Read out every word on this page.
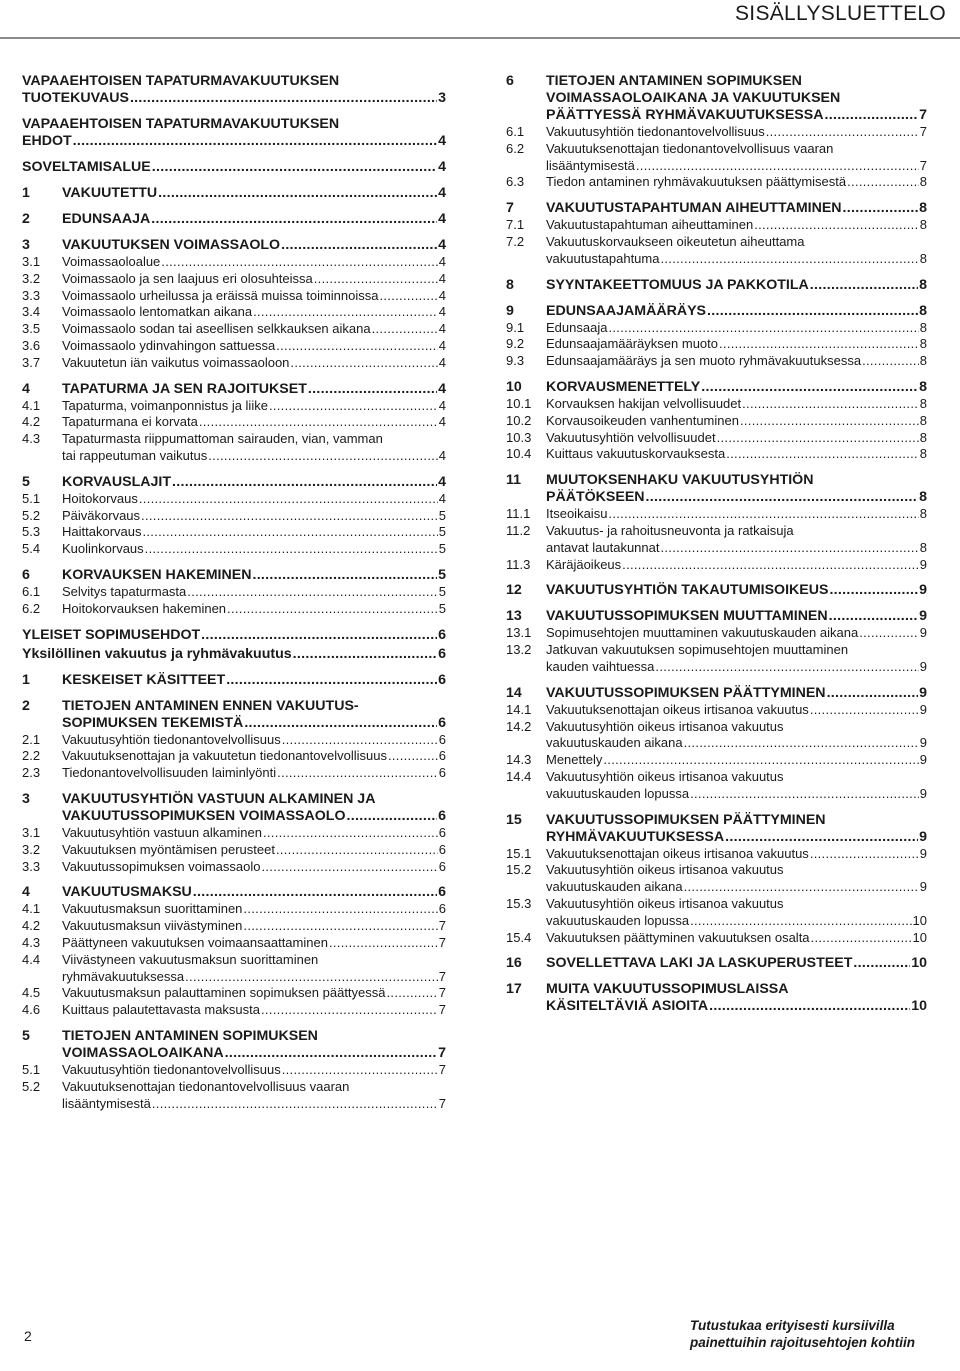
SISÄLLYSLUETTELO
VAPAAEHTOISEN TAPATURMAVAKUUTUKSEN
TUOTEKUVAUS .....	3
VAPAAEHTOISEN TAPATURMAVAKUUTUKSEN
EHDOT .....	4
SOVELTAMISALUE .....	4
1 VAKUUTETTU .....	4
2 EDUNSAAJA .....	4
3 VAKUUTUKSEN VOIMASSAOLO .....	4
3.1 Voimassaoloalue .....	4
3.2 Voimassaolo ja sen laajuus eri olosuhteissa .....	4
3.3 Voimassaolo urheilussa ja eräissä muissa toiminnoissa .....	4
3.4 Voimassaolo lentomatkan aikana .....	4
3.5 Voimassaolo sodan tai aseellisen selkkauksen aikana .....	4
3.6 Voimassaolo ydinvahingon sattuessa .....	4
3.7 Vakuutetun iän vaikutus voimassaoloon .....	4
4 TAPATURMA JA SEN RAJOITUKSET .....	4
4.1 Tapaturma, voimanponnistus ja liike .....	4
4.2 Tapaturmana ei korvata .....	4
4.3 Tapaturmasta riippumattoman sairauden, vian, vamman
tai rappeutuman vaikutus .....	4
5 KORVAUSLAJIT .....	4
5.1 Hoitokorvaus .....	4
5.2 Päiväkorvaus .....	5
5.3 Haittakorvaus .....	5
5.4 Kuolinkorvaus .....	5
6 KORVAUKSEN HAKEMINEN .....	5
6.1 Selvitys tapaturmasta .....	5
6.2 Hoitokorvauksen hakeminen .....	5
YLEISET SOPIMUSEHDOT .....	6
Yksilöllinen vakuutus ja ryhmävakuutus .....	6
1 KESKEISET KÄSITTEET .....	6
2 TIETOJEN ANTAMINEN ENNEN VAKUUTUS-
SOPIMUKSEN TEKEMISTÄ .....	6
2.1 Vakuutusyhtiön tiedonantovelvollisuus .....	6
2.2 Vakuutuksenottajan ja vakuutetun tiedonantovelvollisuus .....	6
2.3 Tiedonantovelvollisuuden laiminlyönti .....	6
3 VAKUUTUSYHTIÖN VASTUUN ALKAMINEN JA
VAKUUTUSSOPIMUKSEN VOIMASSAOLO .....	6
3.1 Vakuutusyhtiön vastuun alkaminen .....	6
3.2 Vakuutuksen myöntämisen perusteet .....	6
3.3 Vakuutussopimuksen voimassaolo .....	6
4 VAKUUTUSMAKSU .....	6
4.1 Vakuutusmaksun suorittaminen .....	6
4.2 Vakuutusmaksun viivästyminen .....	7
4.3 Päättyneen vakuutuksen voimaansaattaminen .....	7
4.4 Viivästyneen vakuutusmaksun suorittaminen
ryhmävakuutuksessa .....	7
4.5 Vakuutusmaksun palauttaminen sopimuksen päättyessä .....	7
4.6 Kuittaus palautettavasta maksusta .....	7
5 TIETOJEN ANTAMINEN SOPIMUKSEN
VOIMASSAOLOAIKANA .....	7
5.1 Vakuutusyhtiön tiedonantovelvollisuus .....	7
5.2 Vakuutuksenottajan tiedonantovelvollisuus vaaran
lisääntymisestä .....	7
6 TIETOJEN ANTAMINEN SOPIMUKSEN
VOIMASSAOLOAIKANA JA VAKUUTUKSEN
PÄÄTTYESSÄ RYHMÄVAKUUTUKSESSA .....	7
6.1 Vakuutusyhtiön tiedonantovelvollisuus .....	7
6.2 Vakuutuksenottajan tiedonantovelvollisuus vaaran
lisääntymisestä .....	7
6.3 Tiedon antaminen ryhmävakuutuksen päättymisestä .....	8
7 VAKUUTUSTAPAHTUMAN AIHEUTTAMINEN .....	8
7.1 Vakuutustapahtuman aiheuttaminen .....	8
7.2 Vakuutuskorvaukseen oikeutetun aiheuttama
vakuutustapahtuma .....	8
8 SYYNTAKEETTOMUUS JA PAKKOTILA .....	8
9 EDUNSAAJAMÄÄRÄYS .....	8
9.1 Edunsaaja .....	8
9.2 Edunsaajamääräyksen muoto .....	8
9.3 Edunsaajamääräys ja sen muoto ryhmävakuutuksessa .....	8
10 KORVAUSMENETTELY .....	8
10.1 Korvauksen hakijan velvollisuudet .....	8
10.2 Korvausoikeuden vanhentuminen .....	8
10.3 Vakuutusyhtiön velvollisuudet .....	8
10.4 Kuittaus vakuutuskorvauksesta .....	8
11 MUUTOKSENHAKU VAKUUTUSYHTIÖN
PÄÄTÖKSEEN .....	8
11.1 Itseoikaisu .....	8
11.2 Vakuutus- ja rahoitusneuvonta ja ratkaisuja
antavat lautakunnat .....	8
11.3 Käräjäoikeus .....	9
12 VAKUUTUSYHTIÖN TAKAUTUMISOIKEUS .....	9
13 VAKUUTUSSOPIMUKSEN MUUTTAMINEN .....	9
13.1 Sopimusehtojen muuttaminen vakuutuskauden aikana .....	9
13.2 Jatkuvan vakuutuksen sopimusehtojen muuttaminen
kauden vaihtuessa .....	9
14 VAKUUTUSSOPIMUKSEN PÄÄTTYMINEN .....	9
14.1 Vakuutuksenottajan oikeus irtisanoa vakuutus .....	9
14.2 Vakuutusyhtiön oikeus irtisanoa vakuutus
vakuutuskauden aikana .....	9
14.3 Menettely .....	9
14.4 Vakuutusyhtiön oikeus irtisanoa vakuutus
vakuutuskauden lopussa .....	9
15 VAKUUTUSSOPIMUKSEN PÄÄTTYMINEN
RYHMÄVAKUUTUKSESSA .....	9
15.1 Vakuutuksenottajan oikeus irtisanoa vakuutus .....	9
15.2 Vakuutusyhtiön oikeus irtisanoa vakuutus
vakuutuskauden aikana .....	9
15.3 Vakuutusyhtiön oikeus irtisanoa vakuutus
vakuutuskauden lopussa .....	10
15.4 Vakuutuksen päättyminen vakuutuksen osalta .....	10
16 SOVELLETTAVA LAKI JA LASKUPERUSTEET .....	10
17 MUITA VAKUUTUSSOPIMUSLAISSA
KÄSITELTÄVIÄ ASIOITA .....	10
2
Tutustukaa erityisesti kursiivilla
painettuihin rajoitusehtojen kohtiin
